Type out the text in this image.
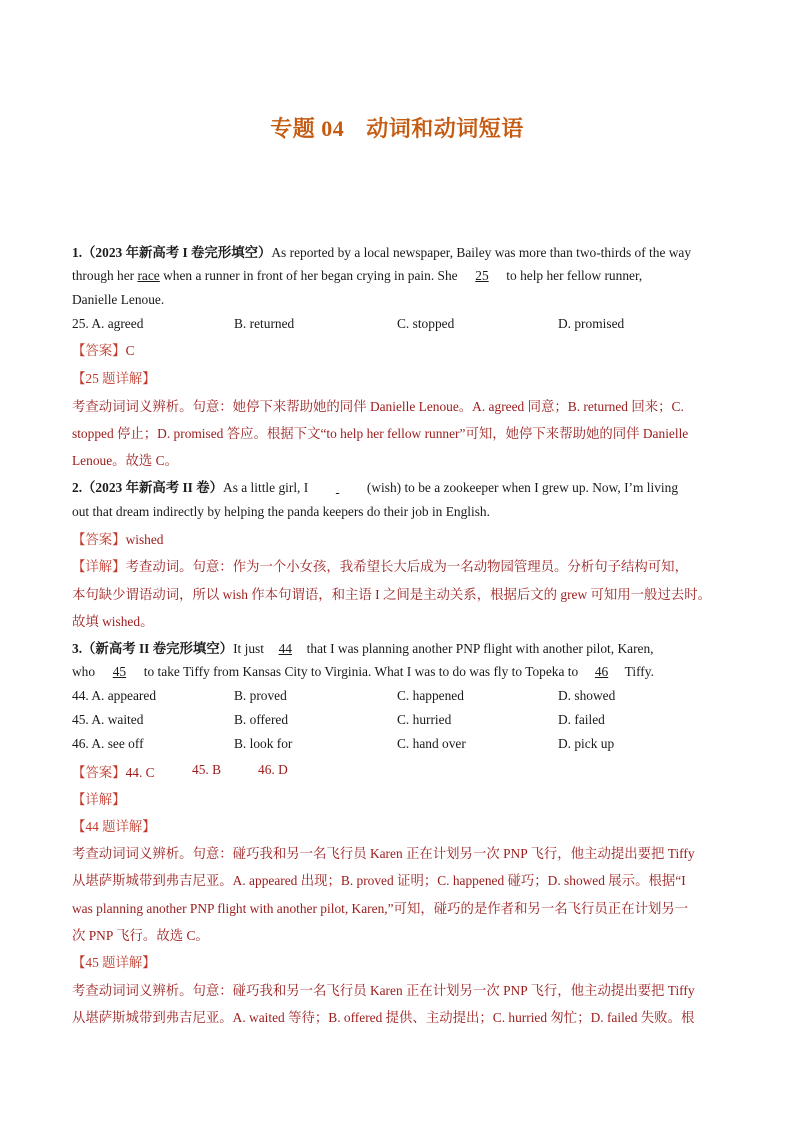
专题 04 动词和动词短语
1.（2023 年新高考 I 卷完形填空）As reported by a local newspaper, Bailey was more than two-thirds of the way
through her race when a runner in front of her began crying in pain. She 25 to help her fellow runner,
Danielle Lenoue.
25. A. agreed	B. returned	C. stopped	D. promised
【答案】C
【25 题详解】
考查动词词义辨析。句意：她停下来帮助她的同伴 Danielle Lenoue。A. agreed 同意；B. returned 回来；C.
stopped 停止；D. promised 答应。根据下文“to help her fellow runner”可知，她停下来帮助她的同伴 Danielle
Lenoue。故选 C。
2.（2023 年新高考 II 卷）As a little girl, I	(wish) to be a zookeeper when I grew up. Now, I’m living
out that dream indirectly by helping the panda keepers do their job in English.
【答案】wished
【详解】考查动词。句意：作为一个小女孩，我希望长大后成为一名动物园管理员。分析句子结构可知，
本句缺少谓语动词，所以 wish 作本句谓语，和主语 I 之间是主动关系，根据后文的 grew 可知用一般过去时。
故填 wished。
3.（新高考 II 卷完形填空）It just 44 that I was planning another PNP flight with another pilot, Karen,
who 45 to take Tiffy from Kansas City to Virginia. What I was to do was fly to Topeka to 46 Tiffy.
44. A. appeared	B. proved	C. happened	D. showed
45. A. waited	B. offered	C. hurried	D. failed
46. A. see off	B. look for	C. hand over	D. pick up
【答案】44. C	45. B	46. D
【详解】
【44 题详解】
考查动词词义辨析。句意：碰巧我和另一名飞行员 Karen 正在计划另一次 PNP 飞行，他主动提出要把 Tiffy
从堪萨斯城带到弗吉尼亚。A. appeared 出现；B. proved 证明；C. happened 碰巧；D. showed 展示。根据“I
was planning another PNP flight with another pilot, Karen,”可知，碰巧的是作者和另一名飞行员正在计划另一
次 PNP 飞行。故选 C。
【45 题详解】
考查动词词义辨析。句意：碰巧我和另一名飞行员 Karen 正在计划另一次 PNP 飞行，他主动提出要把 Tiffy
从堪萨斯城带到弗吉尼亚。A. waited 等待；B. offered 提供、主动提出；C. hurried 匆忙；D. failed 失败。根
